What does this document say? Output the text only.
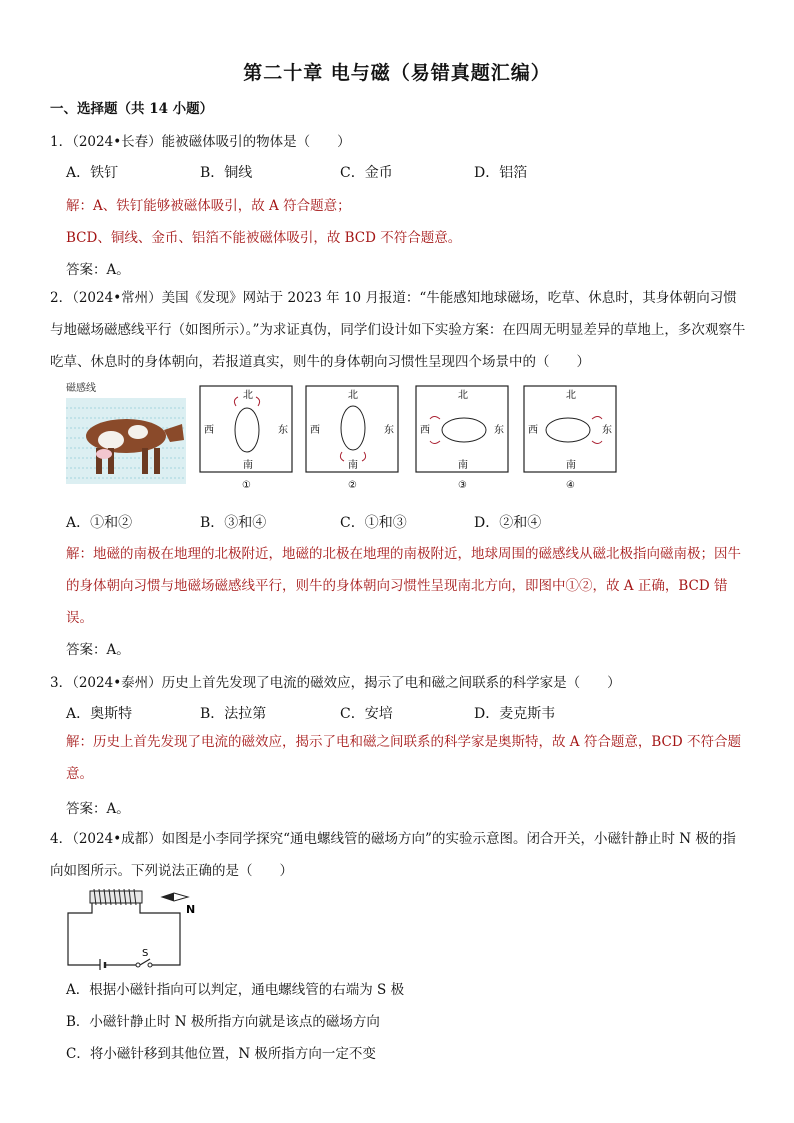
第二十章 电与磁（易错真题汇编）
一、选择题（共 14 小题）
1．（2024•长春）能被磁体吸引的物体是（　　）
A．铁钉	B．铜线	C．金币	D．铝箔
解：A、铁钉能够被磁体吸引，故 A 符合题意；
BCD、铜线、金币、铝箔不能被磁体吸引，故 BCD 不符合题意。
答案：A。
2．（2024•常州）美国《发现》网站于 2023 年 10 月报道：“牛能感知地球磁场，吃草、休息时，其身体朝向习惯与地磁场磁感线平行（如图所示）。”为求证真伪，同学们设计如下实验方案：在四周无明显差异的草地上，多次观察牛吃草、休息时的身体朝向，若报道真实，则牛的身体朝向习惯性呈现四个场景中的（　　）
磁感线
北
南
西	东
①
北
南
西	东
②
北
南
西	东
③
北
南
西	东
④
A．①和②	B．③和④	C．①和③	D．②和④
解：地磁的南极在地理的北极附近，地磁的北极在地理的南极附近，地球周围的磁感线从磁北极指向磁南极；因牛的身体朝向习惯与地磁场磁感线平行，则牛的身体朝向习惯性呈现南北方向，即图中①②，故 A 正确，BCD 错误。
答案：A。
3．（2024•泰州）历史上首先发现了电流的磁效应，揭示了电和磁之间联系的科学家是（　　）
A．奥斯特	B．法拉第	C．安培	D．麦克斯韦
解：历史上首先发现了电流的磁效应，揭示了电和磁之间联系的科学家是奥斯特，故 A 符合题意，BCD 不符合题意。
答案：A。
4．（2024•成都）如图是小李同学探究“通电螺线管的磁场方向”的实验示意图。闭合开关，小磁针静止时 N 极的指向如图所示。下列说法正确的是（　　）
S
N
A．根据小磁针指向可以判定，通电螺线管的右端为 S 极
B．小磁针静止时 N 极所指方向就是该点的磁场方向
C．将小磁针移到其他位置，N 极所指方向一定不变
